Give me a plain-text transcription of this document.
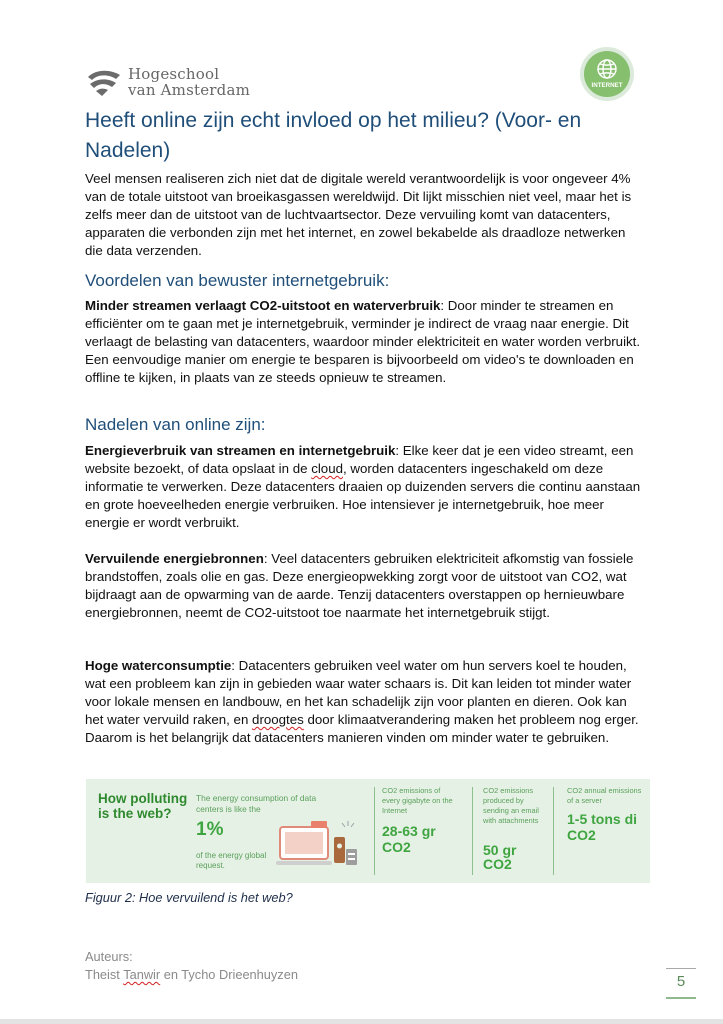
Hogeschool
van Amsterdam	INTERNET
Heeft online zijn echt invloed op het milieu? (Voor- en Nadelen)

Veel mensen realiseren zich niet dat de digitale wereld verantwoordelijk is voor ongeveer 4% van de totale uitstoot van broeikasgassen wereldwijd. Dit lijkt misschien niet veel, maar het is zelfs meer dan de uitstoot van de luchtvaartsector. Deze vervuiling komt van datacenters, apparaten die verbonden zijn met het internet, en zowel bekabelde als draadloze netwerken die data verzenden.

Voordelen van bewuster internetgebruik:

Minder streamen verlaagt CO2-uitstoot en waterverbruik: Door minder te streamen en efficiënter om te gaan met je internetgebruik, verminder je indirect de vraag naar energie. Dit verlaagt de belasting van datacenters, waardoor minder elektriciteit en water worden verbruikt. Een eenvoudige manier om energie te besparen is bijvoorbeeld om video's te downloaden en offline te kijken, in plaats van ze steeds opnieuw te streamen.

Nadelen van online zijn:

Energieverbruik van streamen en internetgebruik: Elke keer dat je een video streamt, een website bezoekt, of data opslaat in de cloud, worden datacenters ingeschakeld om deze informatie te verwerken. Deze datacenters draaien op duizenden servers die continu aanstaan en grote hoeveelheden energie verbruiken. Hoe intensiever je internetgebruik, hoe meer energie er wordt verbruikt.

Vervuilende energiebronnen: Veel datacenters gebruiken elektriciteit afkomstig van fossiele brandstoffen, zoals olie en gas. Deze energieopwekking zorgt voor de uitstoot van CO2, wat bijdraagt aan de opwarming van de aarde. Tenzij datacenters overstappen op hernieuwbare energiebronnen, neemt de CO2-uitstoot toe naarmate het internetgebruik stijgt.

Hoge waterconsumptie: Datacenters gebruiken veel water om hun servers koel te houden, wat een probleem kan zijn in gebieden waar water schaars is. Dit kan leiden tot minder water voor lokale mensen en landbouw, en het kan schadelijk zijn voor planten en dieren. Ook kan het water vervuild raken, en droogtes door klimaatverandering maken het probleem nog erger. Daarom is het belangrijk dat datacenters manieren vinden om minder water te gebruiken.

How polluting is the web?
The energy consumption of data centers is like the
1%
of the energy global request.
CO2 emissions of every gigabyte on the Internet
28-63 gr CO2
CO2 emissions produced by sending an email with attachments
50 gr CO2
CO2 annual emissions of a server
1-5 tons di CO2

Figuur 2: Hoe vervuilend is het web?

Auteurs:
Theist Tanwir en Tycho Drieenhuyzen	5
